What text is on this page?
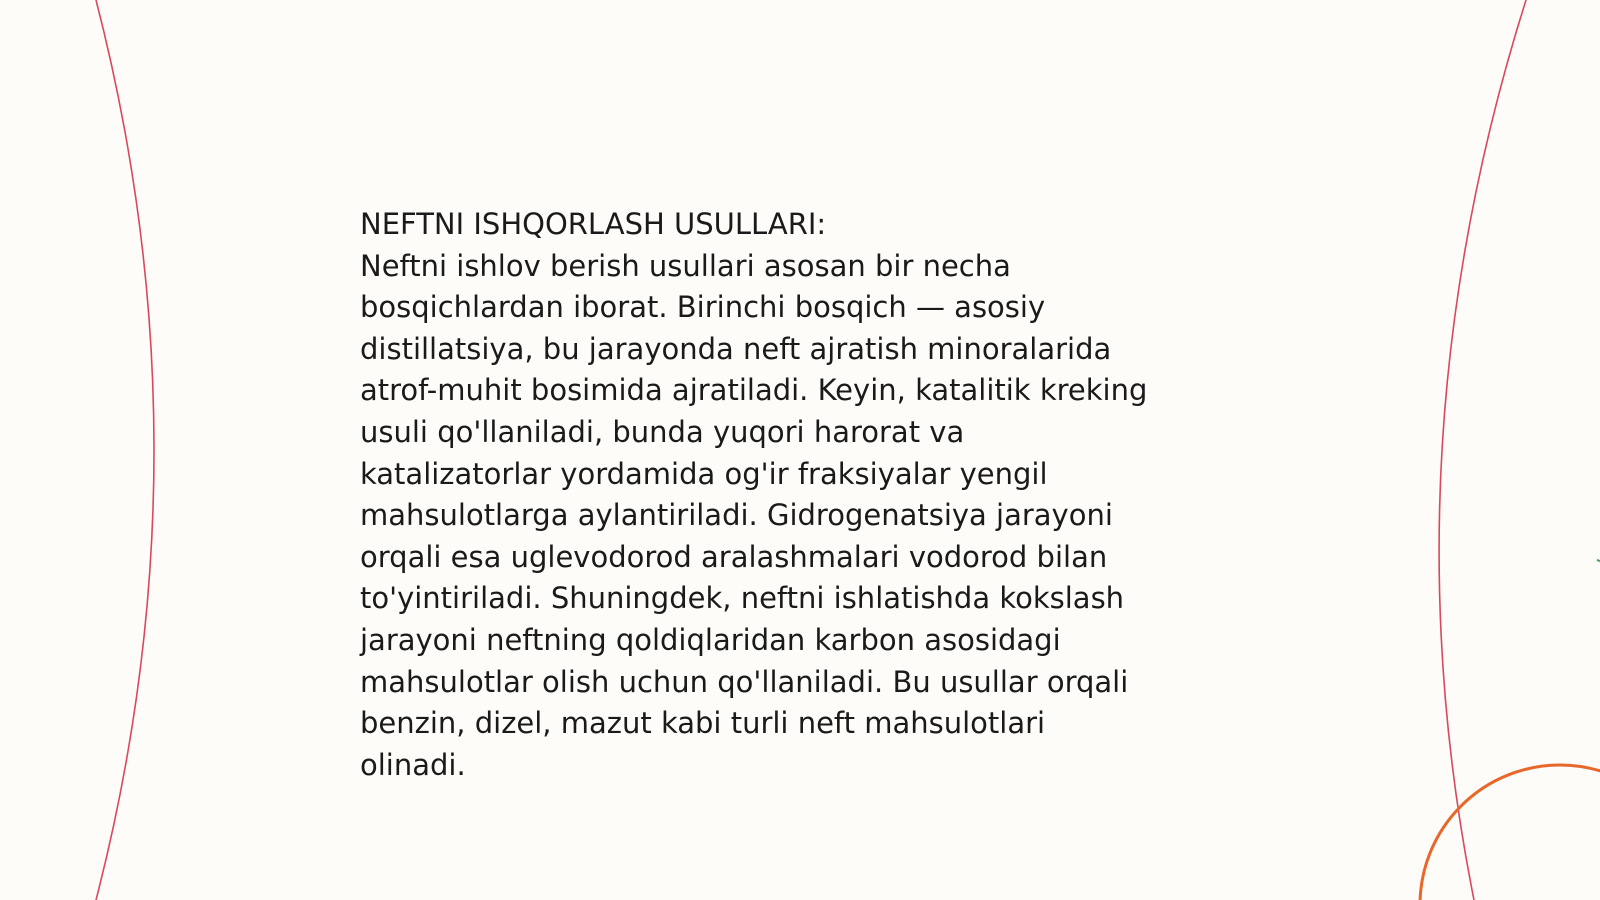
NEFTNI ISHQORLASH USULLARI:

Neftni ishlov berish usullari asosan bir necha
bosqichlardan iborat. Birinchi bosqich — asosiy
distillatsiya, bu jarayonda neft ajratish minoralarida
atrof-muhit bosimida ajratiladi. Keyin, katalitik kreking
usuli qo'llaniladi, bunda yuqori harorat va
katalizatorlar yordamida og'ir fraksiyalar yengil
mahsulotlarga aylantiriladi. Gidrogenatsiya jarayoni
orqali esa uglevodorod aralashmalari vodorod bilan
to'yintiriladi. Shuningdek, neftni ishlatishda kokslash
jarayoni neftning qoldiqlaridan karbon asosidagi
mahsulotlar olish uchun qo'llaniladi. Bu usullar orqali
benzin, dizel, mazut kabi turli neft mahsulotlari
olinadi.
